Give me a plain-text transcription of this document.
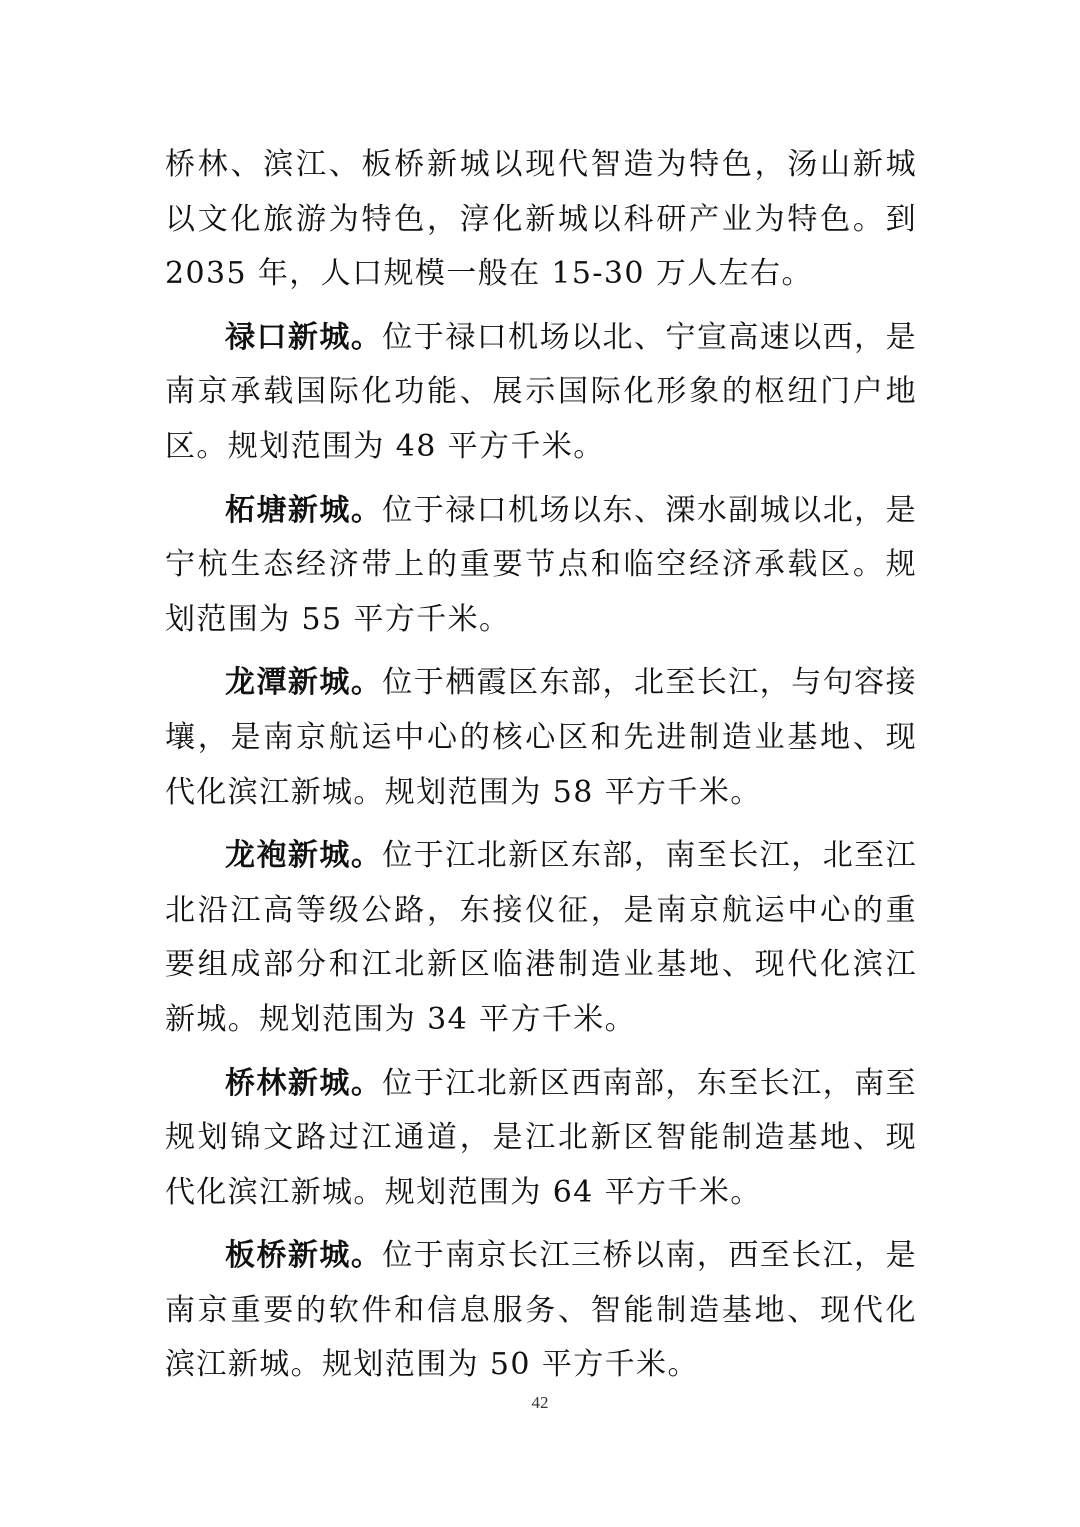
桥林、滨江、板桥新城以现代智造为特色，汤山新城以文化旅游为特色，淳化新城以科研产业为特色。到 2035 年，人口规模一般在 15-30 万人左右。

禄口新城。位于禄口机场以北、宁宣高速以西，是南京承载国际化功能、展示国际化形象的枢纽门户地区。规划范围为 48 平方千米。

柘塘新城。位于禄口机场以东、溧水副城以北，是宁杭生态经济带上的重要节点和临空经济承载区。规划范围为 55 平方千米。

龙潭新城。位于栖霞区东部，北至长江，与句容接壤，是南京航运中心的核心区和先进制造业基地、现代化滨江新城。规划范围为 58 平方千米。

龙袍新城。位于江北新区东部，南至长江，北至江北沿江高等级公路，东接仪征，是南京航运中心的重要组成部分和江北新区临港制造业基地、现代化滨江新城。规划范围为 34 平方千米。

桥林新城。位于江北新区西南部，东至长江，南至规划锦文路过江通道，是江北新区智能制造基地、现代化滨江新城。规划范围为 64 平方千米。

板桥新城。位于南京长江三桥以南，西至长江，是南京重要的软件和信息服务、智能制造基地、现代化滨江新城。规划范围为 50 平方千米。

42
